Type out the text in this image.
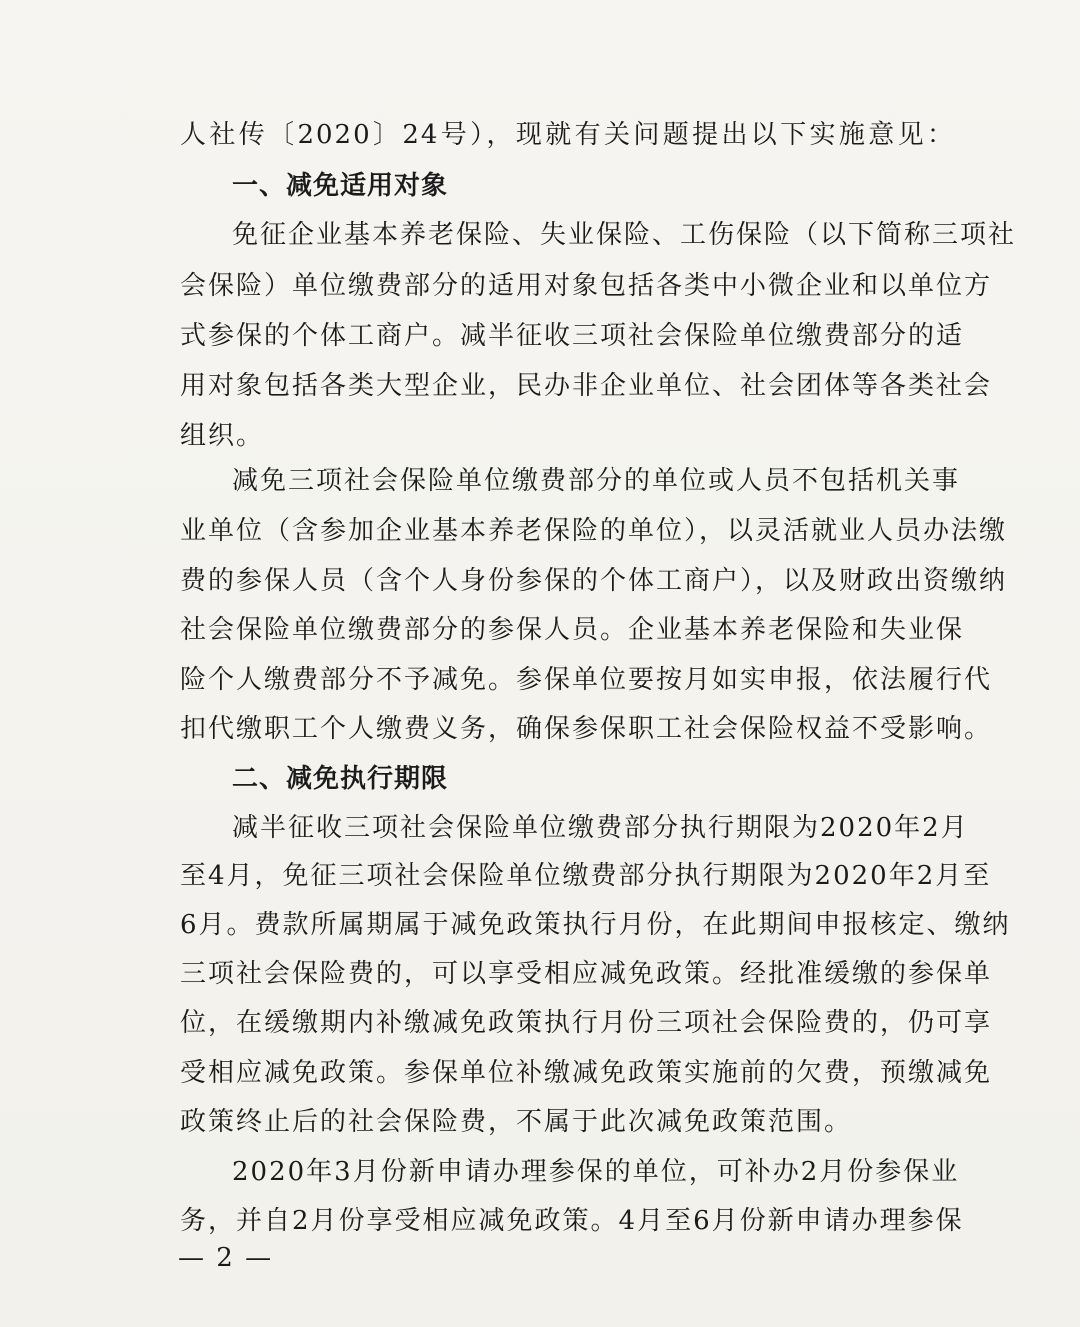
人社传〔2020〕24号），现就有关问题提出以下实施意见：
一、减免适用对象
免征企业基本养老保险、失业保险、工伤保险（以下简称三项社
会保险）单位缴费部分的适用对象包括各类中小微企业和以单位方
式参保的个体工商户。减半征收三项社会保险单位缴费部分的适
用对象包括各类大型企业，民办非企业单位、社会团体等各类社会
组织。
减免三项社会保险单位缴费部分的单位或人员不包括机关事
业单位（含参加企业基本养老保险的单位），以灵活就业人员办法缴
费的参保人员（含个人身份参保的个体工商户），以及财政出资缴纳
社会保险单位缴费部分的参保人员。企业基本养老保险和失业保
险个人缴费部分不予减免。参保单位要按月如实申报，依法履行代
扣代缴职工个人缴费义务，确保参保职工社会保险权益不受影响。
二、减免执行期限
减半征收三项社会保险单位缴费部分执行期限为2020年2月
至4月，免征三项社会保险单位缴费部分执行期限为2020年2月至
6月。费款所属期属于减免政策执行月份，在此期间申报核定、缴纳
三项社会保险费的，可以享受相应减免政策。经批准缓缴的参保单
位，在缓缴期内补缴减免政策执行月份三项社会保险费的，仍可享
受相应减免政策。参保单位补缴减免政策实施前的欠费，预缴减免
政策终止后的社会保险费，不属于此次减免政策范围。
2020年3月份新申请办理参保的单位，可补办2月份参保业
务，并自2月份享受相应减免政策。4月至6月份新申请办理参保
— 2 —
